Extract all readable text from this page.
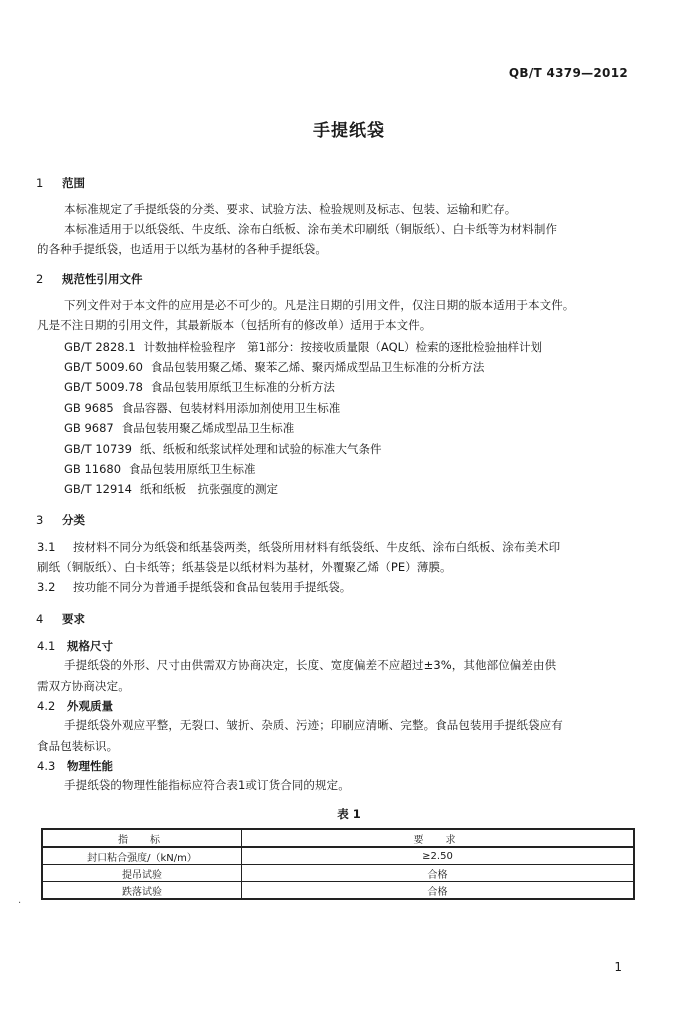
QB/T 4379—2012
手提纸袋
1 范围
本标准规定了手提纸袋的分类、要求、试验方法、检验规则及标志、包装、运输和贮存。
本标准适用于以纸袋纸、牛皮纸、涂布白纸板、涂布美术印刷纸（铜版纸）、白卡纸等为材料制作
的各种手提纸袋，也适用于以纸为基材的各种手提纸袋。
2 规范性引用文件
下列文件对于本文件的应用是必不可少的。凡是注日期的引用文件，仅注日期的版本适用于本文件。
凡是不注日期的引用文件，其最新版本（包括所有的修改单）适用于本文件。
GB/T 2828.1 计数抽样检验程序　第1部分：按接收质量限（AQL）检索的逐批检验抽样计划
GB/T 5009.60 食品包装用聚乙烯、聚苯乙烯、聚丙烯成型品卫生标准的分析方法
GB/T 5009.78 食品包装用原纸卫生标准的分析方法
GB 9685 食品容器、包装材料用添加剂使用卫生标准
GB 9687 食品包装用聚乙烯成型品卫生标准
GB/T 10739 纸、纸板和纸浆试样处理和试验的标准大气条件
GB 11680 食品包装用原纸卫生标准
GB/T 12914 纸和纸板　抗张强度的测定
3 分类
3.1 按材料不同分为纸袋和纸基袋两类，纸袋所用材料有纸袋纸、牛皮纸、涂布白纸板、涂布美术印
刷纸（铜版纸）、白卡纸等；纸基袋是以纸材料为基材，外覆聚乙烯（PE）薄膜。
3.2 按功能不同分为普通手提纸袋和食品包装用手提纸袋。
4 要求
4.1 规格尺寸
手提纸袋的外形、尺寸由供需双方协商决定，长度、宽度偏差不应超过±3%，其他部位偏差由供
需双方协商决定。
4.2 外观质量
手提纸袋外观应平整，无裂口、皱折、杂质、污迹；印刷应清晰、完整。食品包装用手提纸袋应有
食品包装标识。
4.3 物理性能
手提纸袋的物理性能指标应符合表1或订货合同的规定。
表 1
指　标	要　求
封口粘合强度/（kN/m）	≥2.50
提吊试验	合格
跌落试验	合格
·
1
